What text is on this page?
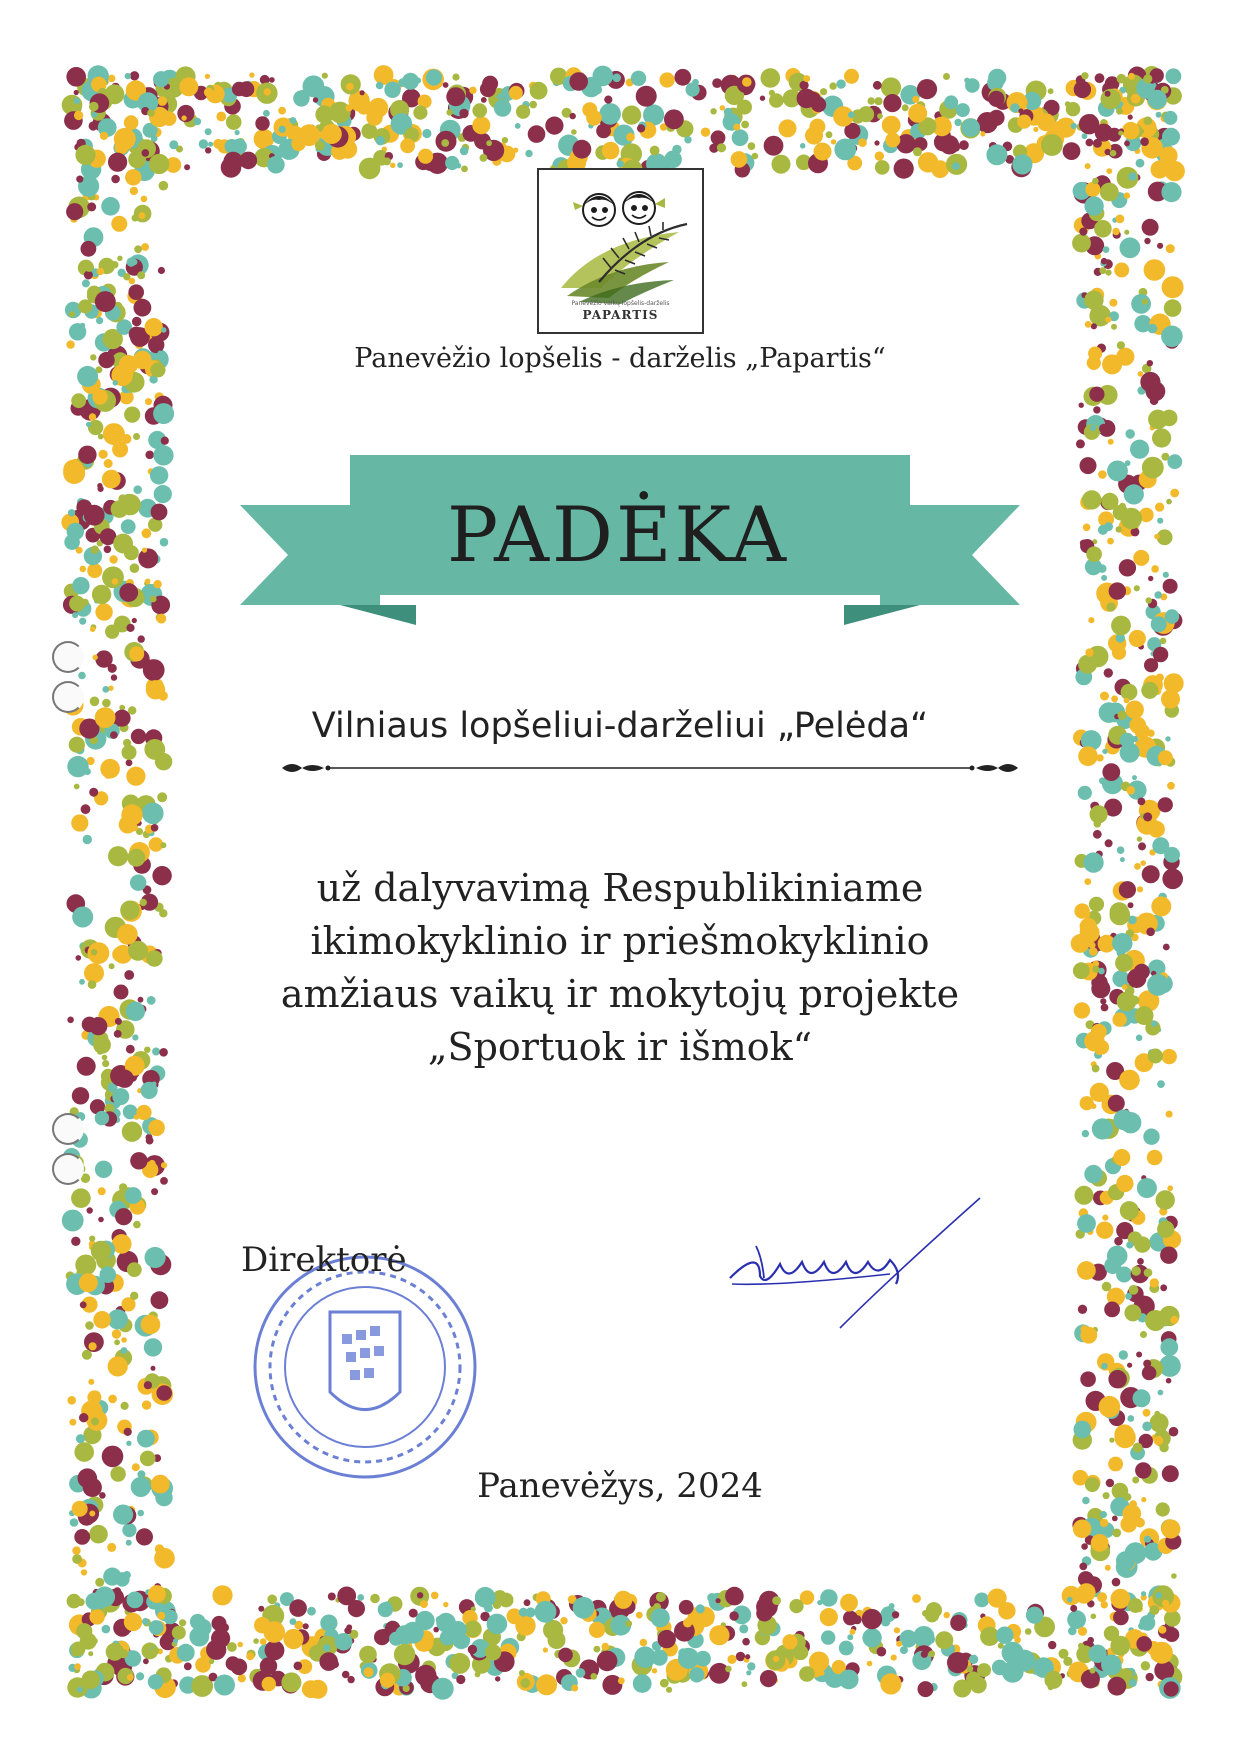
Panevėžio vaikų lopšelis-darželis
PAPARTIS
Panevėžio lopšelis - darželis „Papartis“
PADĖKA
Vilniaus lopšeliui-darželiui „Pelėda“
už dalyvavimą Respublikiniame
ikimokyklinio ir priešmokyklinio
amžiaus vaikų ir mokytojų projekte
„Sportuok ir išmok“
Direktorė
Panevėžys, 2024
